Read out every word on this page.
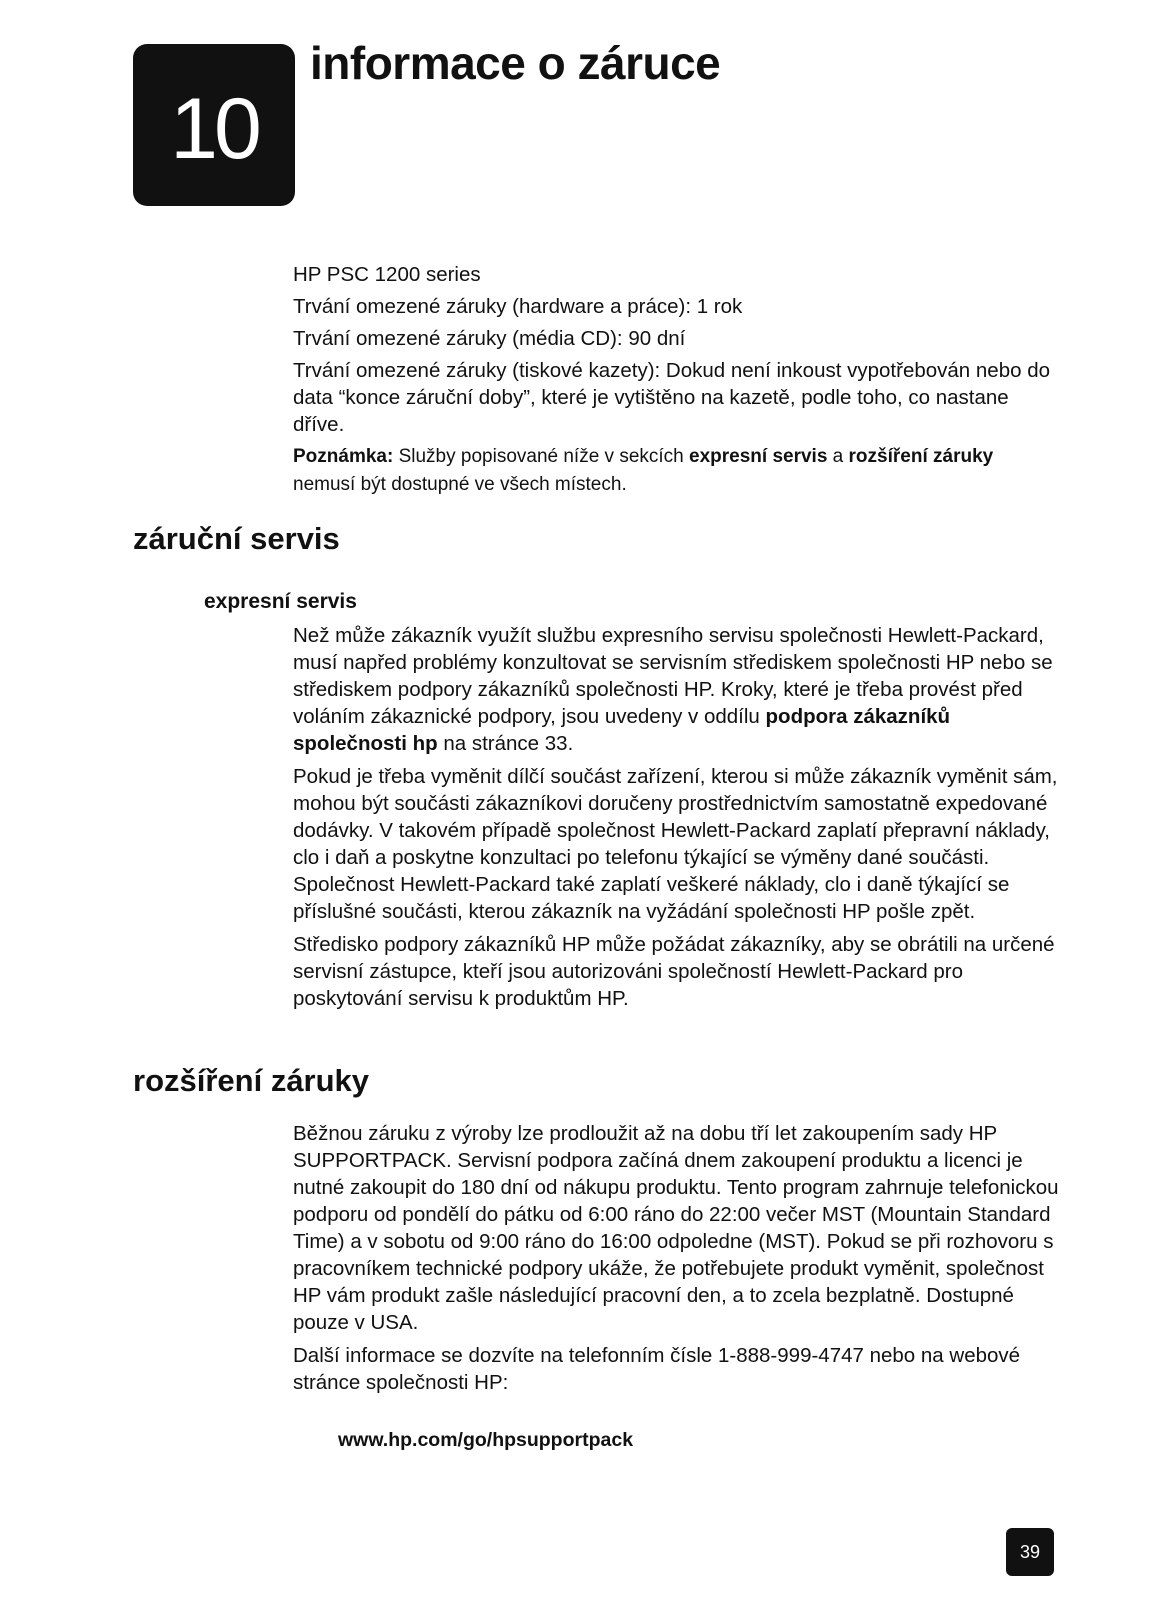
10
informace o záruce

HP PSC 1200 series

Trvání omezené záruky (hardware a práce): 1 rok

Trvání omezené záruky (média CD): 90 dní

Trvání omezené záruky (tiskové kazety): Dokud není inkoust vypotřebován nebo do data “konce záruční doby”, které je vytištěno na kazetě, podle toho, co nastane dříve.

Poznámka: Služby popisované níže v sekcích expresní servis a rozšíření záruky nemusí být dostupné ve všech místech.

záruční servis
expresní servis

Než může zákazník využít službu expresního servisu společnosti Hewlett-Packard, musí napřed problémy konzultovat se servisním střediskem společnosti HP nebo se střediskem podpory zákazníků společnosti HP. Kroky, které je třeba provést před voláním zákaznické podpory, jsou uvedeny v oddílu podpora zákazníků společnosti hp na stránce 33.

Pokud je třeba vyměnit dílčí součást zařízení, kterou si může zákazník vyměnit sám, mohou být součásti zákazníkovi doručeny prostřednictvím samostatně expedované dodávky. V takovém případě společnost Hewlett-Packard zaplatí přepravní náklady, clo i daň a poskytne konzultaci po telefonu týkající se výměny dané součásti. Společnost Hewlett-Packard také zaplatí veškeré náklady, clo i daně týkající se příslušné součásti, kterou zákazník na vyžádání společnosti HP pošle zpět.

Středisko podpory zákazníků HP může požádat zákazníky, aby se obrátili na určené servisní zástupce, kteří jsou autorizováni společností Hewlett-Packard pro poskytování servisu k produktům HP.

rozšíření záruky

Běžnou záruku z výroby lze prodloužit až na dobu tří let zakoupením sady HP SUPPORTPACK. Servisní podpora začíná dnem zakoupení produktu a licenci je nutné zakoupit do 180 dní od nákupu produktu. Tento program zahrnuje telefonickou podporu od pondělí do pátku od 6:00 ráno do 22:00 večer MST (Mountain Standard Time) a v sobotu od 9:00 ráno do 16:00 odpoledne (MST). Pokud se při rozhovoru s pracovníkem technické podpory ukáže, že potřebujete produkt vyměnit, společnost HP vám produkt zašle následující pracovní den, a to zcela bezplatně. Dostupné pouze v USA.

Další informace se dozvíte na telefonním čísle 1-888-999-4747 nebo na webové stránce společnosti HP:

www.hp.com/go/hpsupportpack

39
